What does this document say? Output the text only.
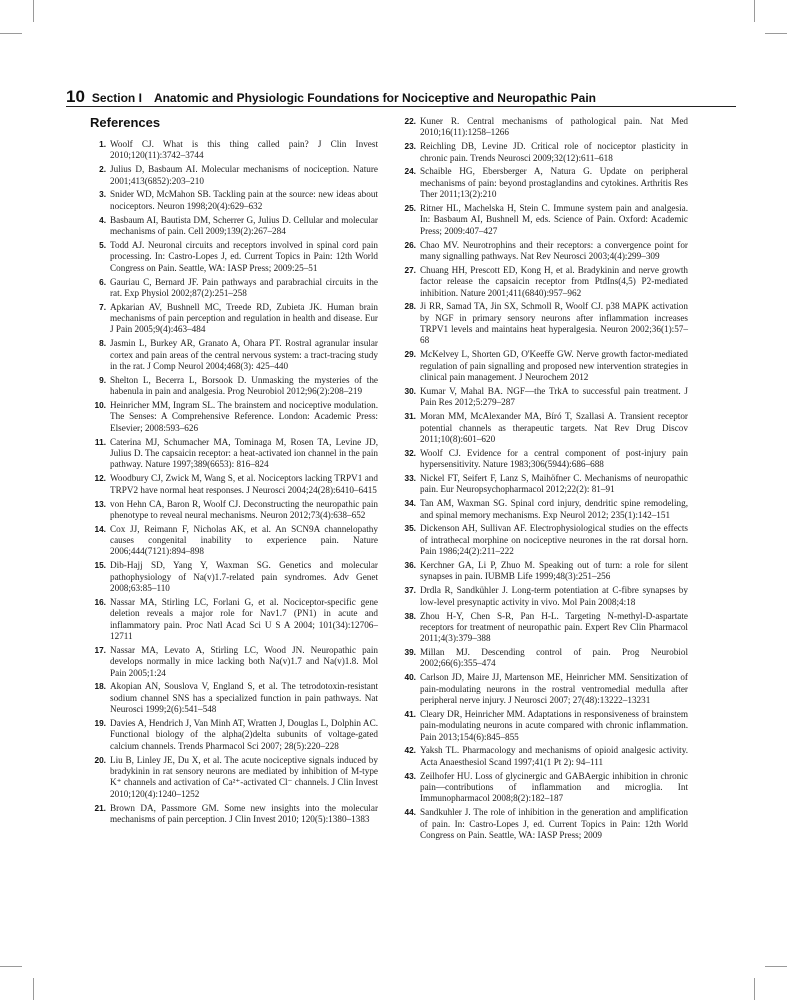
10 Section I Anatomic and Physiologic Foundations for Nociceptive and Neuropathic Pain
References
1. Woolf CJ. What is this thing called pain? J Clin Invest 2010;120(11):3742–3744
2. Julius D, Basbaum AI. Molecular mechanisms of nociception. Nature 2001;413(6852):203–210
3. Snider WD, McMahon SB. Tackling pain at the source: new ideas about nociceptors. Neuron 1998;20(4):629–632
4. Basbaum AI, Bautista DM, Scherrer G, Julius D. Cellular and molecular mechanisms of pain. Cell 2009;139(2):267–284
5. Todd AJ. Neuronal circuits and receptors involved in spinal cord pain processing. In: Castro-Lopes J, ed. Current Topics in Pain: 12th World Congress on Pain. Seattle, WA: IASP Press; 2009:25–51
6. Gauriau C, Bernard JF. Pain pathways and parabrachial circuits in the rat. Exp Physiol 2002;87(2):251–258
7. Apkarian AV, Bushnell MC, Treede RD, Zubieta JK. Human brain mechanisms of pain perception and regulation in health and disease. Eur J Pain 2005;9(4):463–484
8. Jasmin L, Burkey AR, Granato A, Ohara PT. Rostral agranular insular cortex and pain areas of the central nervous system: a tract-tracing study in the rat. J Comp Neurol 2004;468(3): 425–440
9. Shelton L, Becerra L, Borsook D. Unmasking the mysteries of the habenula in pain and analgesia. Prog Neurobiol 2012;96(2):208–219
10. Heinricher MM, Ingram SL. The brainstem and nociceptive modulation. The Senses: A Comprehensive Reference. London: Academic Press: Elsevier; 2008:593–626
11. Caterina MJ, Schumacher MA, Tominaga M, Rosen TA, Levine JD, Julius D. The capsaicin receptor: a heat-activated ion channel in the pain pathway. Nature 1997;389(6653): 816–824
12. Woodbury CJ, Zwick M, Wang S, et al. Nociceptors lacking TRPV1 and TRPV2 have normal heat responses. J Neurosci 2004;24(28):6410–6415
13. von Hehn CA, Baron R, Woolf CJ. Deconstructing the neuropathic pain phenotype to reveal neural mechanisms. Neuron 2012;73(4):638–652
14. Cox JJ, Reimann F, Nicholas AK, et al. An SCN9A channelopathy causes congenital inability to experience pain. Nature 2006;444(7121):894–898
15. Dib-Hajj SD, Yang Y, Waxman SG. Genetics and molecular pathophysiology of Na(v)1.7-related pain syndromes. Adv Genet 2008;63:85–110
16. Nassar MA, Stirling LC, Forlani G, et al. Nociceptor-specific gene deletion reveals a major role for Nav1.7 (PN1) in acute and inflammatory pain. Proc Natl Acad Sci U S A 2004; 101(34):12706–12711
17. Nassar MA, Levato A, Stirling LC, Wood JN. Neuropathic pain develops normally in mice lacking both Na(v)1.7 and Na(v)1.8. Mol Pain 2005;1:24
18. Akopian AN, Souslova V, England S, et al. The tetrodotoxin-resistant sodium channel SNS has a specialized function in pain pathways. Nat Neurosci 1999;2(6):541–548
19. Davies A, Hendrich J, Van Minh AT, Wratten J, Douglas L, Dolphin AC. Functional biology of the alpha(2)delta subunits of voltage-gated calcium channels. Trends Pharmacol Sci 2007; 28(5):220–228
20. Liu B, Linley JE, Du X, et al. The acute nociceptive signals induced by bradykinin in rat sensory neurons are mediated by inhibition of M-type K⁺ channels and activation of Ca²⁺-activated Cl⁻ channels. J Clin Invest 2010;120(4):1240–1252
21. Brown DA, Passmore GM. Some new insights into the molecular mechanisms of pain perception. J Clin Invest 2010; 120(5):1380–1383
22. Kuner R. Central mechanisms of pathological pain. Nat Med 2010;16(11):1258–1266
23. Reichling DB, Levine JD. Critical role of nociceptor plasticity in chronic pain. Trends Neurosci 2009;32(12):611–618
24. Schaible HG, Ebersberger A, Natura G. Update on peripheral mechanisms of pain: beyond prostaglandins and cytokines. Arthritis Res Ther 2011;13(2):210
25. Ritner HL, Machelska H, Stein C. Immune system pain and analgesia. In: Basbaum AI, Bushnell M, eds. Science of Pain. Oxford: Academic Press; 2009:407–427
26. Chao MV. Neurotrophins and their receptors: a convergence point for many signalling pathways. Nat Rev Neurosci 2003;4(4):299–309
27. Chuang HH, Prescott ED, Kong H, et al. Bradykinin and nerve growth factor release the capsaicin receptor from PtdIns(4,5) P2-mediated inhibition. Nature 2001;411(6840):957–962
28. Ji RR, Samad TA, Jin SX, Schmoll R, Woolf CJ. p38 MAPK activation by NGF in primary sensory neurons after inflammation increases TRPV1 levels and maintains heat hyperalgesia. Neuron 2002;36(1):57–68
29. McKelvey L, Shorten GD, O'Keeffe GW. Nerve growth factor-mediated regulation of pain signalling and proposed new intervention strategies in clinical pain management. J Neurochem 2012
30. Kumar V, Mahal BA. NGF—the TrkA to successful pain treatment. J Pain Res 2012;5:279–287
31. Moran MM, McAlexander MA, Bíró T, Szallasi A. Transient receptor potential channels as therapeutic targets. Nat Rev Drug Discov 2011;10(8):601–620
32. Woolf CJ. Evidence for a central component of post-injury pain hypersensitivity. Nature 1983;306(5944):686–688
33. Nickel FT, Seifert F, Lanz S, Maihöfner C. Mechanisms of neuropathic pain. Eur Neuropsychopharmacol 2012;22(2): 81–91
34. Tan AM, Waxman SG. Spinal cord injury, dendritic spine remodeling, and spinal memory mechanisms. Exp Neurol 2012; 235(1):142–151
35. Dickenson AH, Sullivan AF. Electrophysiological studies on the effects of intrathecal morphine on nociceptive neurones in the rat dorsal horn. Pain 1986;24(2):211–222
36. Kerchner GA, Li P, Zhuo M. Speaking out of turn: a role for silent synapses in pain. IUBMB Life 1999;48(3):251–256
37. Drdla R, Sandkühler J. Long-term potentiation at C-fibre synapses by low-level presynaptic activity in vivo. Mol Pain 2008;4:18
38. Zhou H-Y, Chen S-R, Pan H-L. Targeting N-methyl-D-aspartate receptors for treatment of neuropathic pain. Expert Rev Clin Pharmacol 2011;4(3):379–388
39. Millan MJ. Descending control of pain. Prog Neurobiol 2002;66(6):355–474
40. Carlson JD, Maire JJ, Martenson ME, Heinricher MM. Sensitization of pain-modulating neurons in the rostral ventromedial medulla after peripheral nerve injury. J Neurosci 2007; 27(48):13222–13231
41. Cleary DR, Heinricher MM. Adaptations in responsiveness of brainstem pain-modulating neurons in acute compared with chronic inflammation. Pain 2013;154(6):845–855
42. Yaksh TL. Pharmacology and mechanisms of opioid analgesic activity. Acta Anaesthesiol Scand 1997;41(1 Pt 2): 94–111
43. Zeilhofer HU. Loss of glycinergic and GABAergic inhibition in chronic pain—contributions of inflammation and microglia. Int Immunopharmacol 2008;8(2):182–187
44. Sandkuhler J. The role of inhibition in the generation and amplification of pain. In: Castro-Lopes J, ed. Current Topics in Pain: 12th World Congress on Pain. Seattle, WA: IASP Press; 2009
